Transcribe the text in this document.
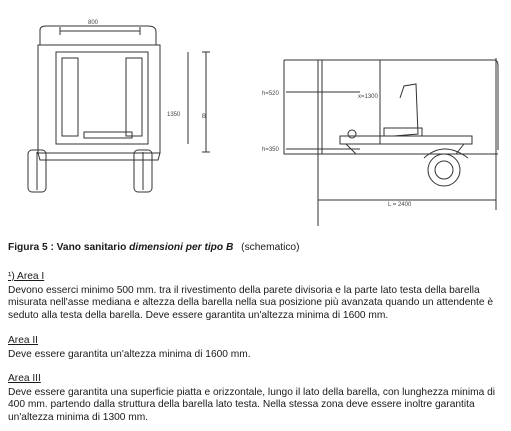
800
1350	B
h=520
h=350
x=1300
L = 2400
Figura 5 : Vano sanitario dimensioni per tipo B (schematico)
¹) Area I

Devono esserci minimo 500 mm. tra il rivestimento della parete divisoria e la parte lato testa della barella misurata nell'asse mediana e altezza della barella nella sua posizione più avanzata quando un attendente è seduto alla testa della barella. Deve essere garantita un'altezza minima di 1600 mm.

Area II

Deve essere garantita un'altezza minima di 1600 mm.

Area III

Deve essere garantita una superficie piatta e orizzontale, lungo il lato della barella, con lunghezza minima di 400 mm. partendo dalla struttura della barella lato testa. Nella stessa zona deve essere inoltre garantita un'altezza minima di 1300 mm.
